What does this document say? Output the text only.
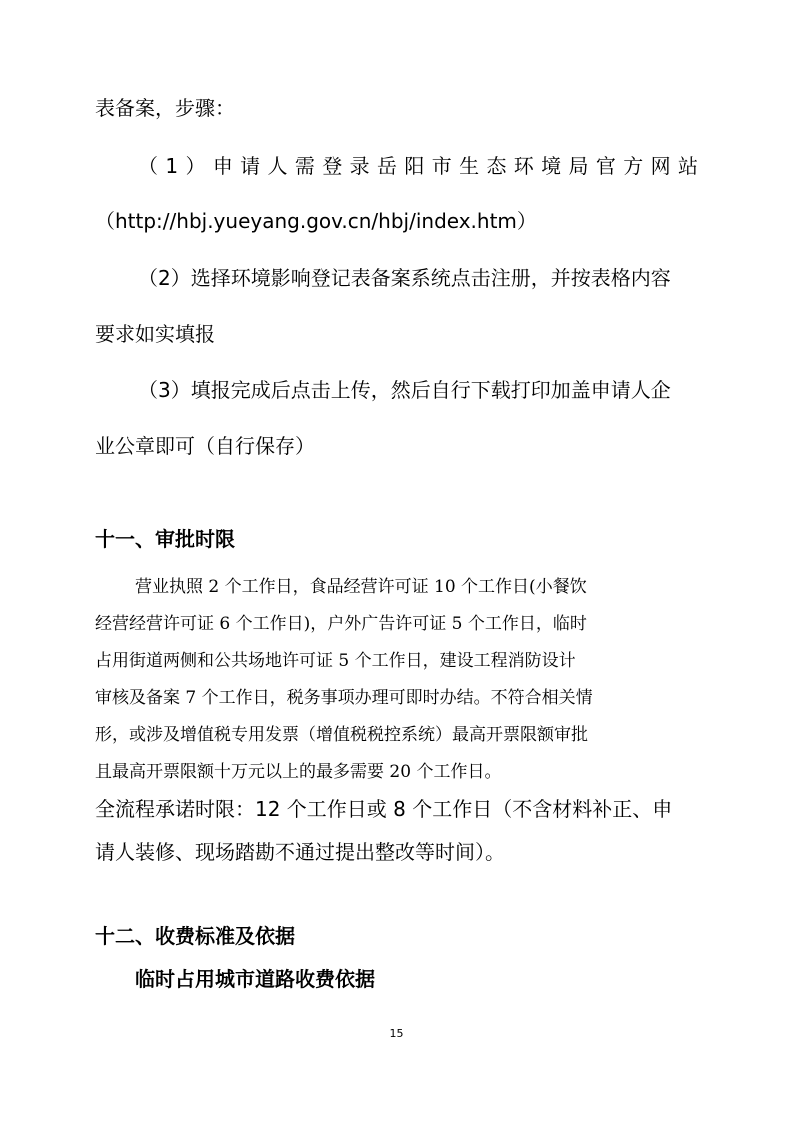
表备案，步骤：
（1）申请人需登录岳阳市生态环境局官方网站
（http://hbj.yueyang.gov.cn/hbj/index.htm）
（2）选择环境影响登记表备案系统点击注册，并按表格内容
要求如实填报
（3）填报完成后点击上传，然后自行下载打印加盖申请人企
业公章即可（自行保存）
十一、审批时限
营业执照 2 个工作日，食品经营许可证 10 个工作日(小餐饮
经营经营许可证 6 个工作日)，户外广告许可证 5 个工作日，临时
占用街道两侧和公共场地许可证 5 个工作日，建设工程消防设计
审核及备案 7 个工作日，税务事项办理可即时办结。不符合相关情
形，或涉及增值税专用发票（增值税税控系统）最高开票限额审批
且最高开票限额十万元以上的最多需要 20 个工作日。
全流程承诺时限：12 个工作日或 8 个工作日（不含材料补正、申
请人装修、现场踏勘不通过提出整改等时间）。
十二、收费标准及依据
临时占用城市道路收费依据
15
